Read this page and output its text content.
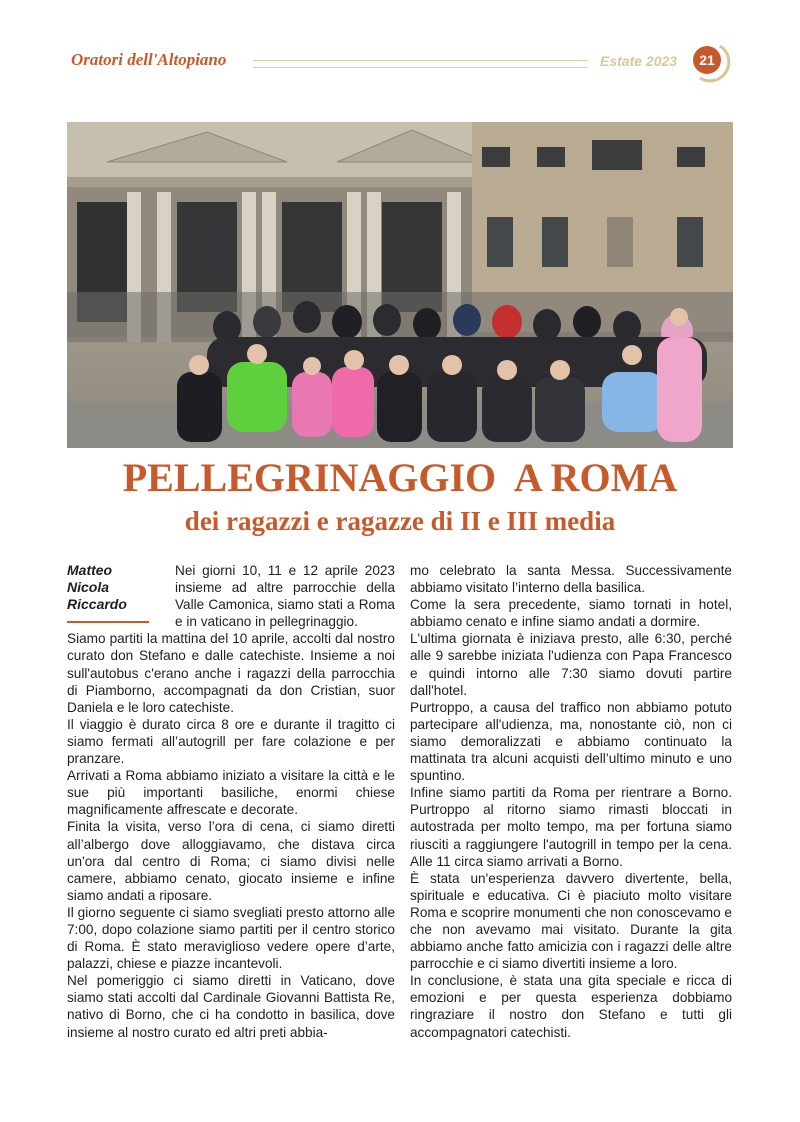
Oratori dell'Altopiano	Estate 2023	21
PELLEGRINAGGIO  A ROMA
dei ragazzi e ragazze di II e III media
Matteo
Nicola
Riccardo

Nei giorni 10, 11 e 12 aprile 2023 insieme ad altre parrocchie della Valle Camonica, siamo stati a Roma e in vaticano in pellegrinaggio.

Siamo partiti la mattina del 10 aprile, accolti dal nostro curato don Stefano e dalle catechiste. Insieme a noi sull'autobus c'erano anche i ragazzi della parrocchia di Piamborno, accompagnati da don Cristian, suor Daniela e le loro catechiste.

Il viaggio è durato circa 8 ore e durante il tragitto ci siamo fermati all’autogrill per fare colazione e per pranzare.

Arrivati a Roma abbiamo iniziato a visitare la città e le sue più importanti basiliche, enormi chiese magnificamente affrescate e decorate.

Finita la visita, verso l’ora di cena, ci siamo diretti all’albergo dove alloggiavamo, che distava circa un'ora dal centro di Roma; ci siamo divisi nelle camere, abbiamo cenato, giocato insieme e infine siamo andati a riposare.

Il giorno seguente ci siamo svegliati presto attorno alle 7:00, dopo colazione siamo partiti per il centro storico di Roma. È stato meraviglioso vedere opere d’arte, palazzi, chiese e piazze incantevoli.

Nel pomeriggio ci siamo diretti in Vaticano, dove siamo stati accolti dal Cardinale Giovanni Battista Re, nativo di Borno, che ci ha condotto in basilica, dove insieme al nostro curato ed altri preti abbia-

mo celebrato la santa Messa. Successivamente abbiamo visitato l’interno della basilica.

Come la sera precedente, siamo tornati in hotel, abbiamo cenato e infine siamo andati a dormire.

L'ultima giornata è iniziava presto, alle 6:30, perché alle 9 sarebbe iniziata l'udienza con Papa Francesco e quindi intorno alle 7:30 siamo dovuti partire dall'hotel.

Purtroppo, a causa del traffico non abbiamo potuto partecipare all'udienza, ma, nonostante ciò, non ci siamo demoralizzati e abbiamo continuato la mattinata tra alcuni acquisti dell’ultimo minuto e uno spuntino.

Infine siamo partiti da Roma per rientrare a Borno. Purtroppo al ritorno siamo rimasti bloccati in autostrada per molto tempo, ma per fortuna siamo riusciti a raggiungere l'autogrill in tempo per la cena. Alle 11 circa siamo arrivati a Borno.

È stata un'esperienza davvero divertente, bella, spirituale e educativa. Ci è piaciuto molto visitare Roma e scoprire monumenti che non conoscevamo e che non avevamo mai visitato. Durante la gita abbiamo anche fatto amicizia con i ragazzi delle altre parrocchie e ci siamo divertiti insieme a loro.

In conclusione, è stata una gita speciale e ricca di emozioni e per questa esperienza dobbiamo ringraziare il nostro don Stefano e tutti gli accompagnatori catechisti.
